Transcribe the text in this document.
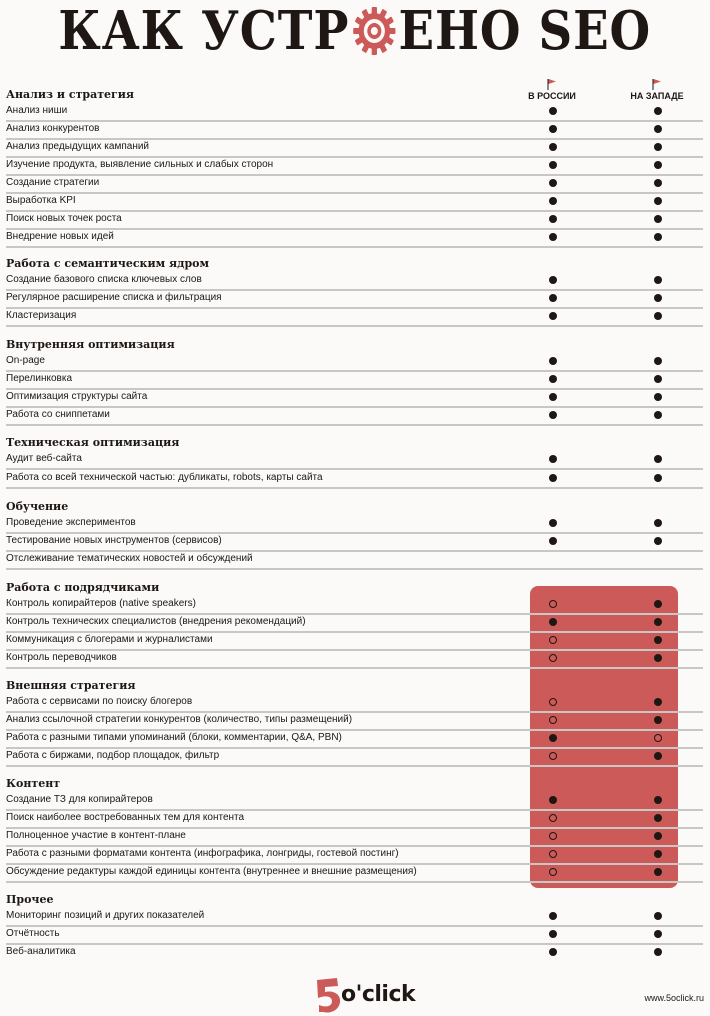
КАК УСТР ЕНО SEO
В РОССИИ	НА ЗАПАДЕ
Анализ и стратегия
Анализ ниши
Анализ конкурентов
Анализ предыдущих кампаний
Изучение продукта, выявление сильных и слабых сторон
Создание стратегии
Выработка KPI
Поиск новых точек роста
Внедрение новых идей
Работа с семантическим ядром
Создание базового списка ключевых слов
Регулярное расширение списка и фильтрация
Кластеризация
Внутренняя оптимизация
On-page
Перелинковка
Оптимизация структуры сайта
Работа со сниппетами
Техническая оптимизация
Аудит веб-сайта
Работа со всей технической частью: дубликаты, robots, карты сайта
Обучение
Проведение экспериментов
Тестирование новых инструментов (сервисов)
Отслеживание тематических новостей и обсуждений
Работа с подрядчиками
Контроль копирайтеров (native speakers)
Контроль технических специалистов (внедрения рекомендаций)
Коммуникация с блогерами и журналистами
Контроль переводчиков
Внешняя стратегия
Работа с сервисами по поиску блогеров
Анализ ссылочной стратегии конкурентов (количество, типы размещений)
Работа с разными типами упоминаний (блоки, комментарии, Q&A, PBN)
Работа с биржами, подбор площадок, фильтр
Контент
Создание ТЗ для копирайтеров
Поиск наиболее востребованных тем для контента
Полноценное участие в контент-плане
Работа с разными форматами контента (инфографика, лонгриды, гостевой постинг)
Обсуждение редактуры каждой единицы контента (внутреннее и внешние размещения)
Прочее
Мониторинг позиций и других показателей
Отчётность
Веб-аналитика
o'click	www.5oclick.ru
